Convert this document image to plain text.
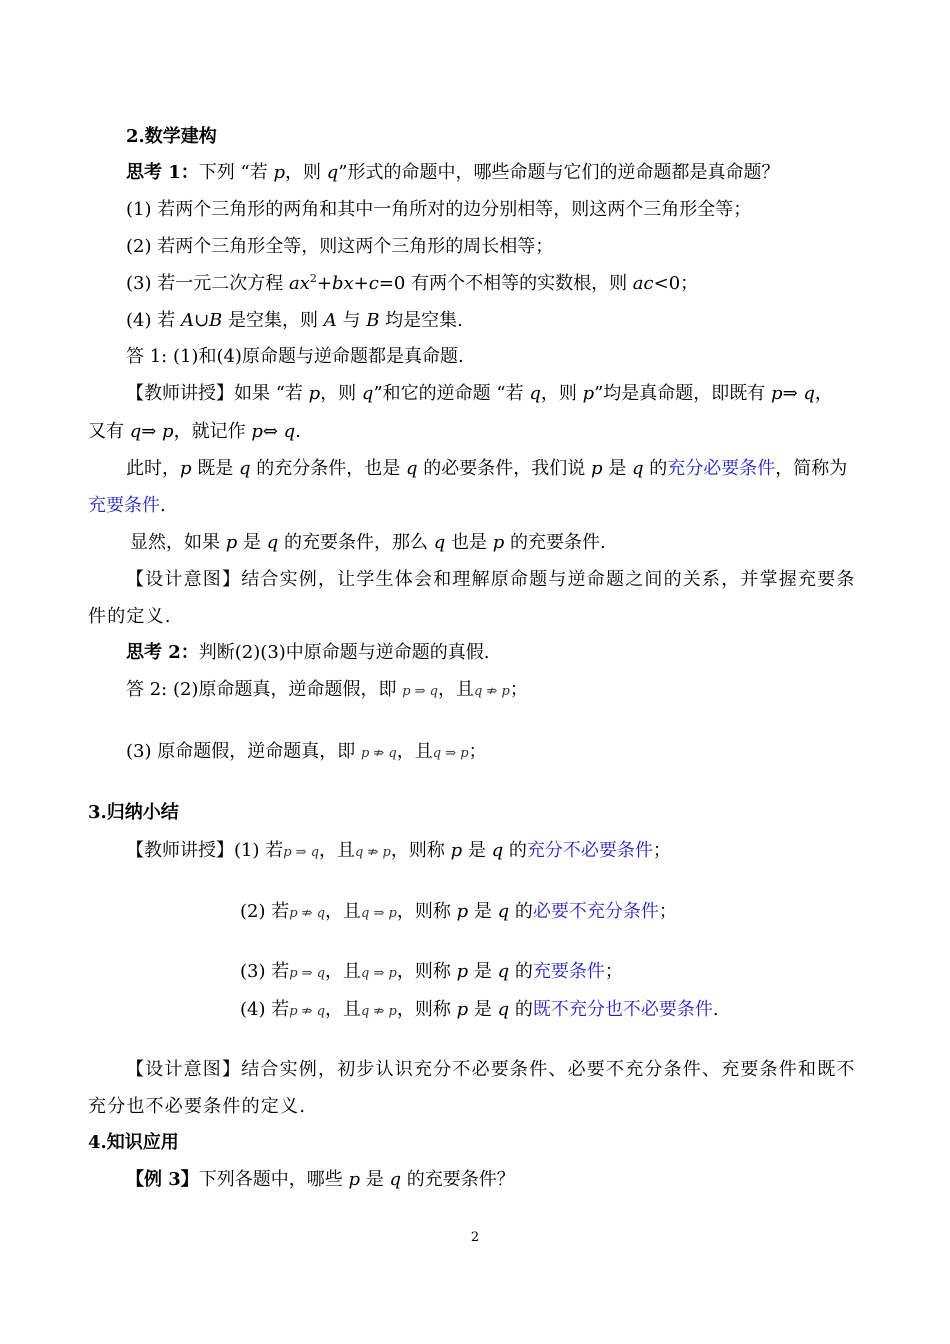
2.数学建构
思考 1：下列 “若 p，则 q”形式的命题中，哪些命题与它们的逆命题都是真命题？
(1) 若两个三角形的两角和其中一角所对的边分别相等，则这两个三角形全等；
(2) 若两个三角形全等，则这两个三角形的周长相等；
(3) 若一元二次方程 $ax^2+bx+c=0$ 有两个不相等的实数根，则 ac<0；
(4) 若 A∪B 是空集，则 A 与 B 均是空集.
答 1: (1)和(4)原命题与逆命题都是真命题.
【教师讲授】如果 “若 p，则 q”和它的逆命题 “若 q，则 p”均是真命题，即既有 p⇒ q，
又有 q⇒ p，就记作 p⇔ q.
此时，p 既是 q 的充分条件，也是 q 的必要条件，我们说 p 是 q 的充分必要条件，简称为
充要条件.
显然，如果 p 是 q 的充要条件，那么 q 也是 p 的充要条件.
【设计意图】结合实例，让学生体会和理解原命题与逆命题之间的关系，并掌握充要条
件的定义.
思考 2：判断(2)(3)中原命题与逆命题的真假.
答 2: (2)原命题真，逆命题假，即 p ⇒ q，且q ⇏ p；
(3) 原命题假，逆命题真，即 p ⇏ q，且q ⇒ p；
3.归纳小结
【教师讲授】(1) 若p ⇒ q，且q ⇏ p，则称 p 是 q 的充分不必要条件；
(2) 若p ⇏ q，且q ⇒ p，则称 p 是 q 的必要不充分条件；
(3) 若p ⇒ q，且q ⇒ p，则称 p 是 q 的充要条件；
(4) 若p ⇏ q，且q ⇏ p，则称 p 是 q 的既不充分也不必要条件.
【设计意图】结合实例，初步认识充分不必要条件、必要不充分条件、充要条件和既不
充分也不必要条件的定义.
4.知识应用
【例 3】下列各题中，哪些 p 是 q 的充要条件？
2
